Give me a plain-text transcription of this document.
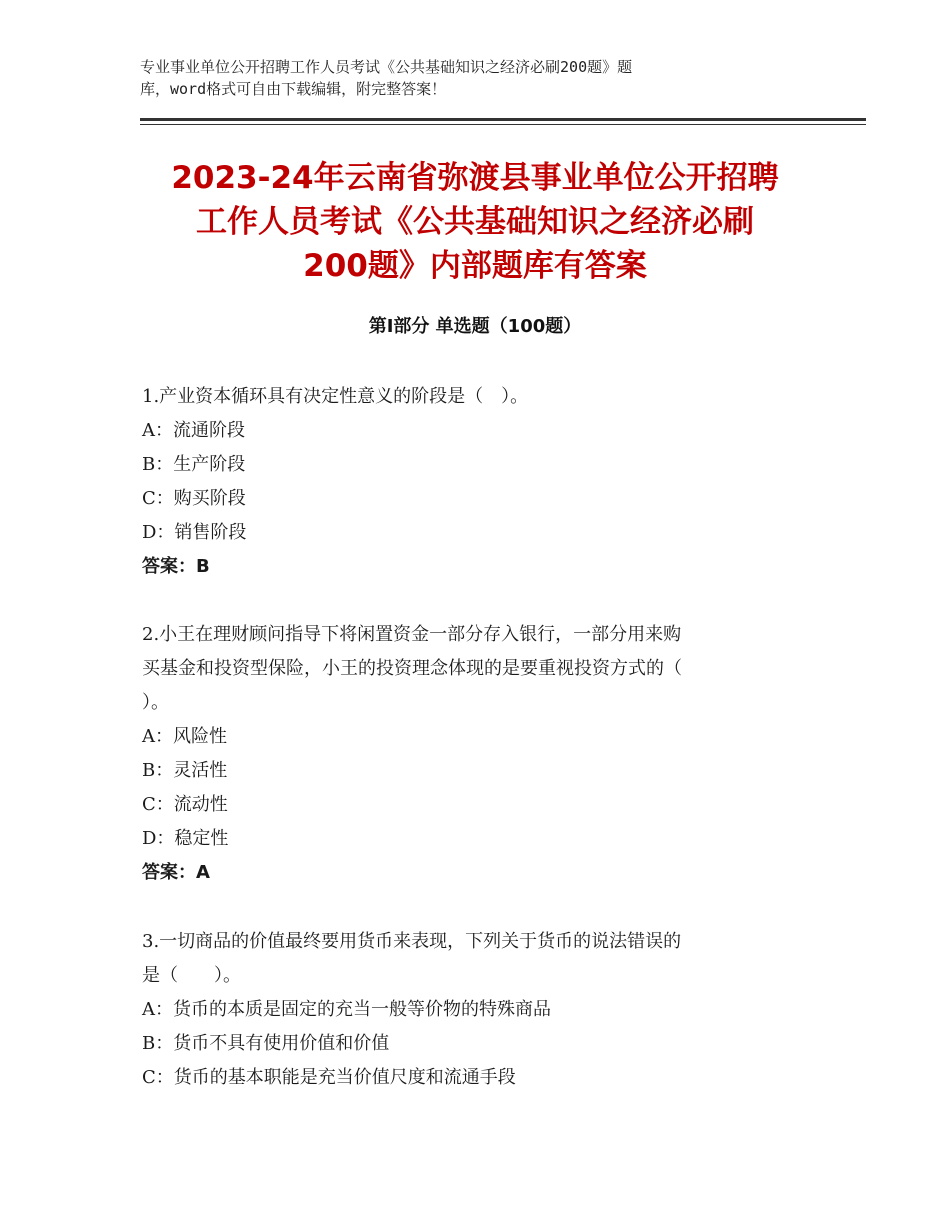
专业事业单位公开招聘工作人员考试《公共基础知识之经济必刷200题》题
库，word格式可自由下载编辑，附完整答案！
2023-24年云南省弥渡县事业单位公开招聘
工作人员考试《公共基础知识之经济必刷
200题》内部题库有答案
第Ⅰ部分 单选题（100题）
1.产业资本循环具有决定性意义的阶段是（　）。
A：流通阶段
B：生产阶段
C：购买阶段
D：销售阶段
答案：B
2.小王在理财顾问指导下将闲置资金一部分存入银行，一部分用来购
买基金和投资型保险，小王的投资理念体现的是要重视投资方式的（
）。
A：风险性
B：灵活性
C：流动性
D：稳定性
答案：A
3.一切商品的价值最终要用货币来表现，下列关于货币的说法错误的
是（　　）。
A：货币的本质是固定的充当一般等价物的特殊商品
B：货币不具有使用价值和价值
C：货币的基本职能是充当价值尺度和流通手段
